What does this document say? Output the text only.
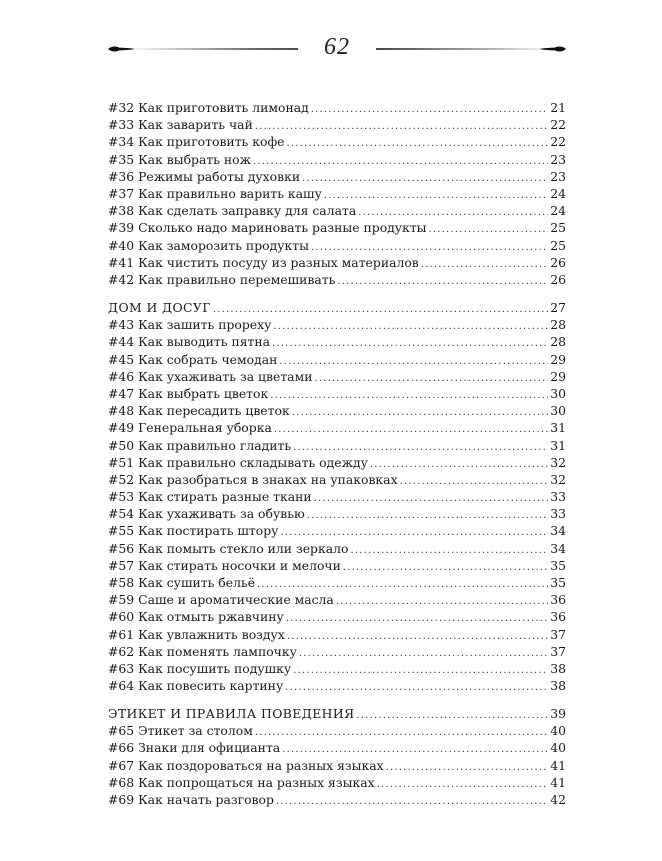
62
#32 Как приготовить лимонад .....	21
#33 Как заварить чай .....	22
#34 Как приготовить кофе .....	22
#35 Как выбрать нож .....	23
#36 Режимы работы духовки .....	23
#37 Как правильно варить кашу .....	24
#38 Как сделать заправку для салата .....	24
#39 Сколько надо мариновать разные продукты .....	25
#40 Как заморозить продукты .....	25
#41 Как чистить посуду из разных материалов .....	26
#42 Как правильно перемешивать .....	26
ДОМ И ДОСУГ .....	27
#43 Как зашить прореху .....	28
#44 Как выводить пятна .....	28
#45 Как собрать чемодан .....	29
#46 Как ухаживать за цветами .....	29
#47 Как выбрать цветок .....	30
#48 Как пересадить цветок .....	30
#49 Генеральная уборка .....	31
#50 Как правильно гладить .....	31
#51 Как правильно складывать одежду .....	32
#52 Как разобраться в знаках на упаковках .....	32
#53 Как стирать разные ткани .....	33
#54 Как ухаживать за обувью .....	33
#55 Как постирать штору .....	34
#56 Как помыть стекло или зеркало .....	34
#57 Как стирать носочки и мелочи .....	35
#58 Как сушить бельё .....	35
#59 Саше и ароматические масла .....	36
#60 Как отмыть ржавчину .....	36
#61 Как увлажнить воздух .....	37
#62 Как поменять лампочку .....	37
#63 Как посушить подушку .....	38
#64 Как повесить картину .....	38
ЭТИКЕТ И ПРАВИЛА ПОВЕДЕНИЯ .....	39
#65 Этикет за столом .....	40
#66 Знаки для официанта .....	40
#67 Как поздороваться на разных языках .....	41
#68 Как попрощаться на разных языках .....	41
#69 Как начать разговор .....	42
